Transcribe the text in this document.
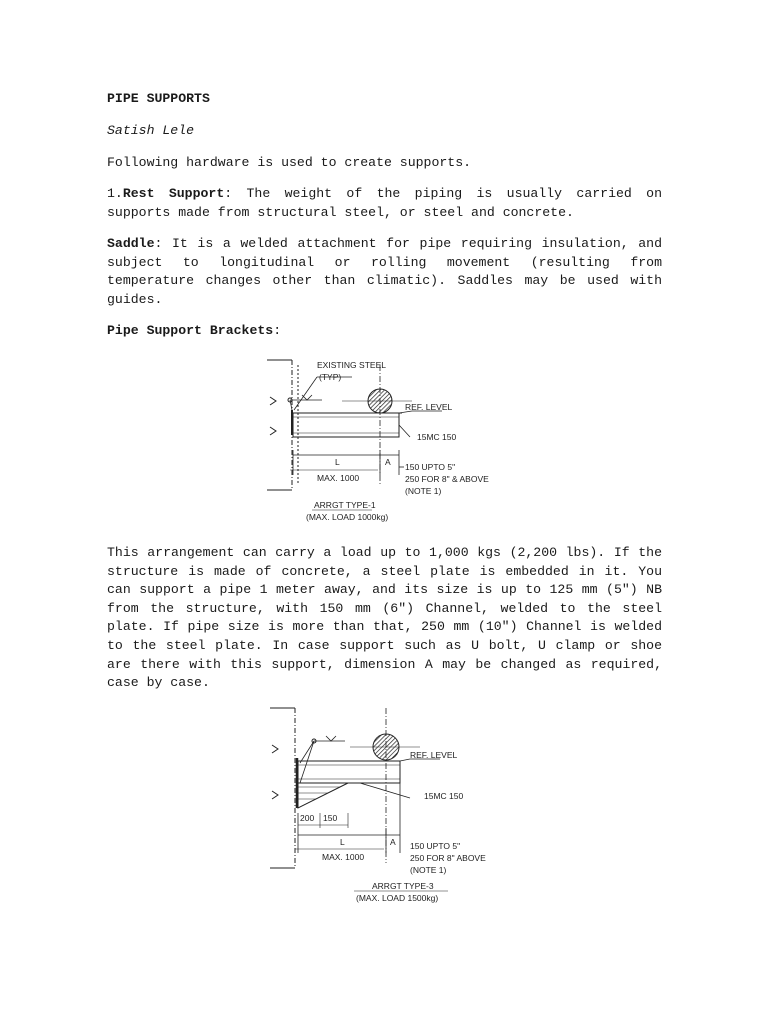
PIPE SUPPORTS
Satish Lele

Following hardware is used to create supports.

1.Rest Support: The weight of the piping is usually carried on supports made from structural steel, or steel and concrete.

Saddle: It is a welded attachment for pipe requiring insulation, and subject to longitudinal or rolling movement (resulting from temperature changes other than climatic). Saddles may be used with guides.

Pipe Support Brackets:

EXISTING STEEL
(TYP)
REF. LEVEL
15MC 150
L	A
MAX. 1000
150 UPTO 5"
250 FOR 8" & ABOVE
(NOTE 1)
ARRGT TYPE-1
(MAX. LOAD 1000kg)

This arrangement can carry a load up to 1,000 kgs (2,200 lbs). If the structure is made of concrete, a steel plate is embedded in it. You can support a pipe 1 meter away, and its size is up to 125 mm (5") NB from the structure, with 150 mm (6") Channel, welded to the steel plate. If pipe size is more than that, 250 mm (10") Channel is welded to the steel plate. In case support such as U bolt, U clamp or shoe are there with this support, dimension A may be changed as required, case by case.

REF. LEVEL
15MC 150
200 150
L	A
MAX. 1000
150 UPTO 5"
250 FOR 8" ABOVE
(NOTE 1)
ARRGT TYPE-3
(MAX. LOAD 1500kg)
